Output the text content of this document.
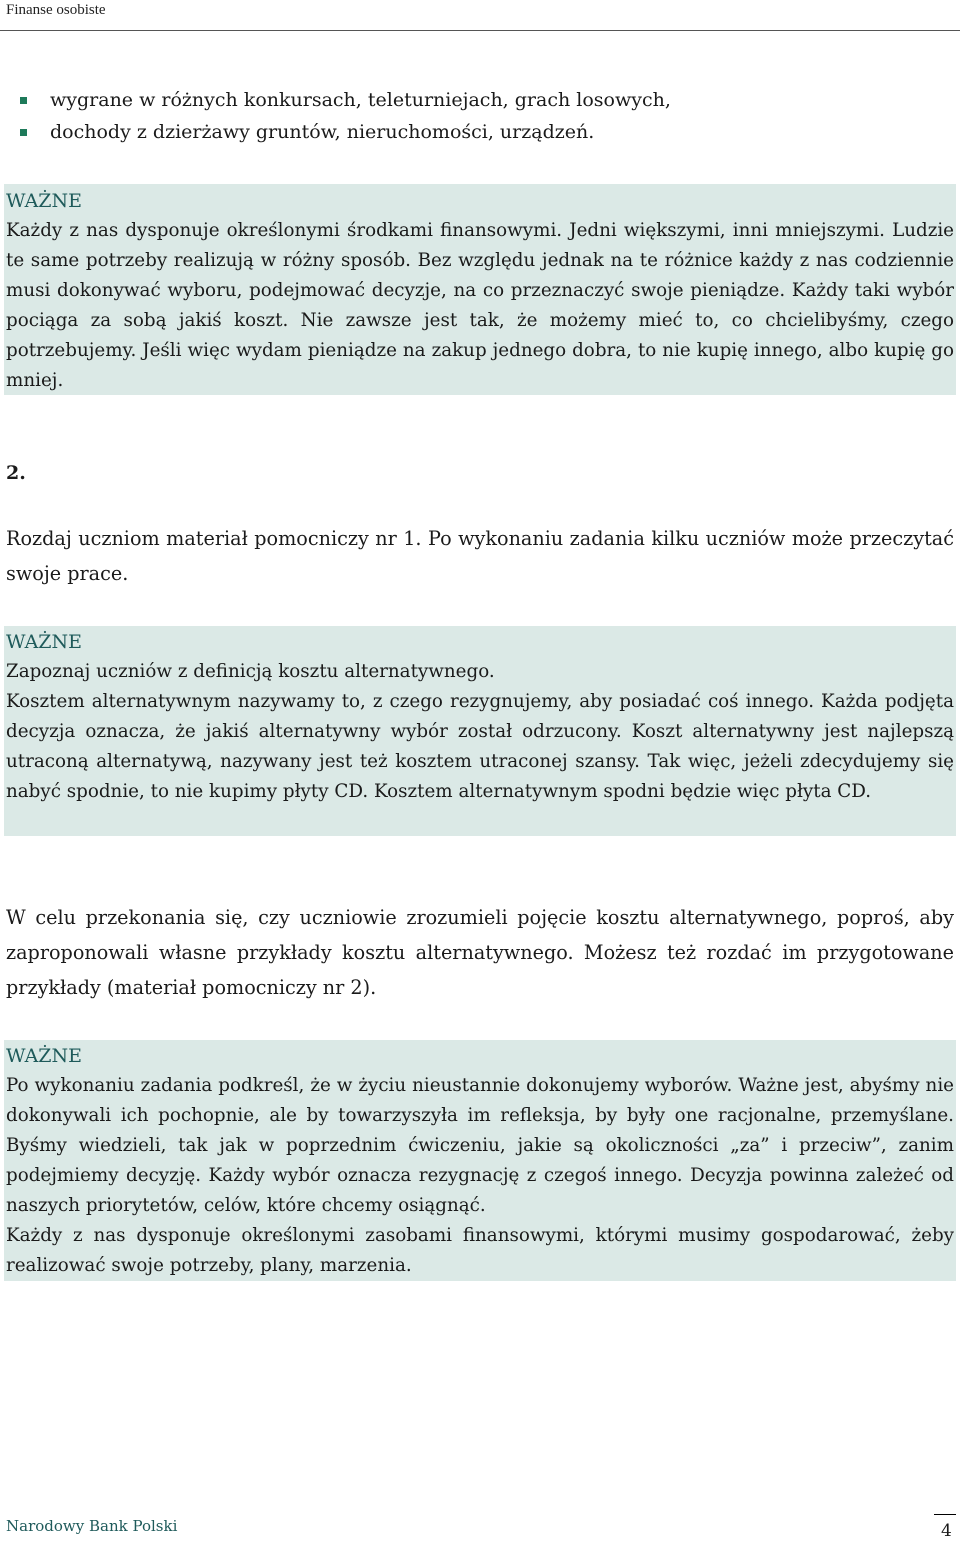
Finanse osobiste
wygrane w różnych konkursach, teleturniejach, grach losowych,
dochody z dzierżawy gruntów, nieruchomości, urządzeń.

WAŻNE

Każdy z nas dysponuje określonymi środkami finansowymi. Jedni większymi, inni mniejszymi. Ludzie te same potrzeby realizują w różny sposób. Bez względu jednak na te różnice każdy z nas codziennie musi dokonywać wyboru, podejmować decyzje, na co przeznaczyć swoje pieniądze. Każdy taki wybór pociąga za sobą jakiś koszt. Nie zawsze jest tak, że możemy mieć to, co chcielibyśmy, czego potrzebujemy. Jeśli więc wydam pieniądze na zakup jednego dobra, to nie kupię innego, albo kupię go mniej.

2.

Rozdaj uczniom materiał pomocniczy nr 1. Po wykonaniu zadania kilku uczniów może przeczytać swoje prace.

WAŻNE

Zapoznaj uczniów z definicją kosztu alternatywnego.

Kosztem alternatywnym nazywamy to, z czego rezygnujemy, aby posiadać coś innego. Każda podjęta decyzja oznacza, że jakiś alternatywny wybór został odrzucony. Koszt alternatywny jest najlepszą utraconą alternatywą, nazywany jest też kosztem utraconej szansy. Tak więc, jeżeli zdecydujemy się nabyć spodnie, to nie kupimy płyty CD. Kosztem alternatywnym spodni będzie więc płyta CD.

W celu przekonania się, czy uczniowie zrozumieli pojęcie kosztu alternatywnego, poproś, aby zaproponowali własne przykłady kosztu alternatywnego. Możesz też rozdać im przygotowane przykłady (materiał pomocniczy nr 2).

WAŻNE

Po wykonaniu zadania podkreśl, że w życiu nieustannie dokonujemy wyborów. Ważne jest, abyśmy nie dokonywali ich pochopnie, ale by towarzyszyła im refleksja, by były one racjonalne, przemyślane. Byśmy wiedzieli, tak jak w poprzednim ćwiczeniu, jakie są okoliczności „za” i przeciw”, zanim podejmiemy decyzję. Każdy wybór oznacza rezygnację z czegoś innego. Decyzja powinna zależeć od naszych priorytetów, celów, które chcemy osiągnąć.

Każdy z nas dysponuje określonymi zasobami finansowymi, którymi musimy gospodarować, żeby realizować swoje potrzeby, plany, marzenia.

Narodowy Bank Polski	4
